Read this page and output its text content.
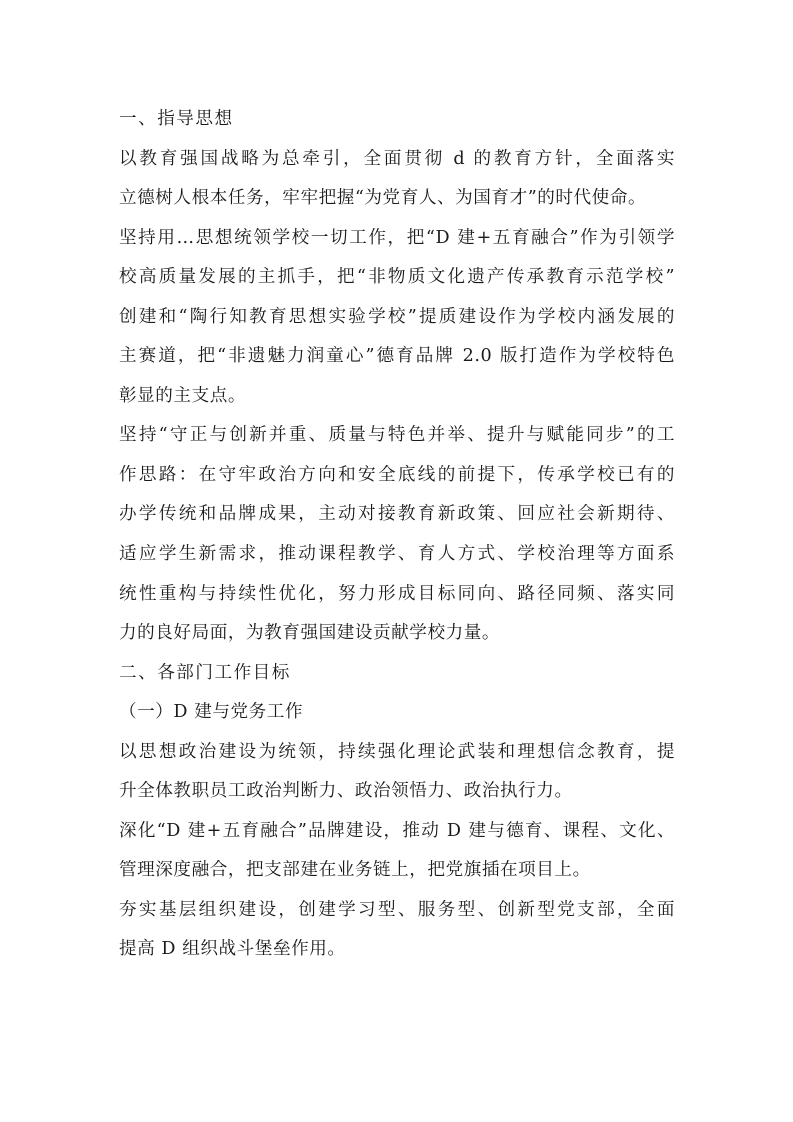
一、指导思想
以教育强国战略为总牵引，全面贯彻 d 的教育方针，全面落实
立德树人根本任务，牢牢把握“为党育人、为国育才”的时代使命。
坚持用…思想统领学校一切工作，把“D 建+五育融合”作为引领学
校高质量发展的主抓手，把“非物质文化遗产传承教育示范学校”
创建和“陶行知教育思想实验学校”提质建设作为学校内涵发展的
主赛道，把“非遗魅力润童心”德育品牌 2.0 版打造作为学校特色
彰显的主支点。
坚持“守正与创新并重、质量与特色并举、提升与赋能同步”的工
作思路：在守牢政治方向和安全底线的前提下，传承学校已有的
办学传统和品牌成果，主动对接教育新政策、回应社会新期待、
适应学生新需求，推动课程教学、育人方式、学校治理等方面系
统性重构与持续性优化，努力形成目标同向、路径同频、落实同
力的良好局面，为教育强国建设贡献学校力量。
二、各部门工作目标
（一）D 建与党务工作
以思想政治建设为统领，持续强化理论武装和理想信念教育，提
升全体教职员工政治判断力、政治领悟力、政治执行力。
深化“D 建+五育融合”品牌建设，推动 D 建与德育、课程、文化、
管理深度融合，把支部建在业务链上，把党旗插在项目上。
夯实基层组织建设，创建学习型、服务型、创新型党支部，全面
提高 D 组织战斗堡垒作用。
